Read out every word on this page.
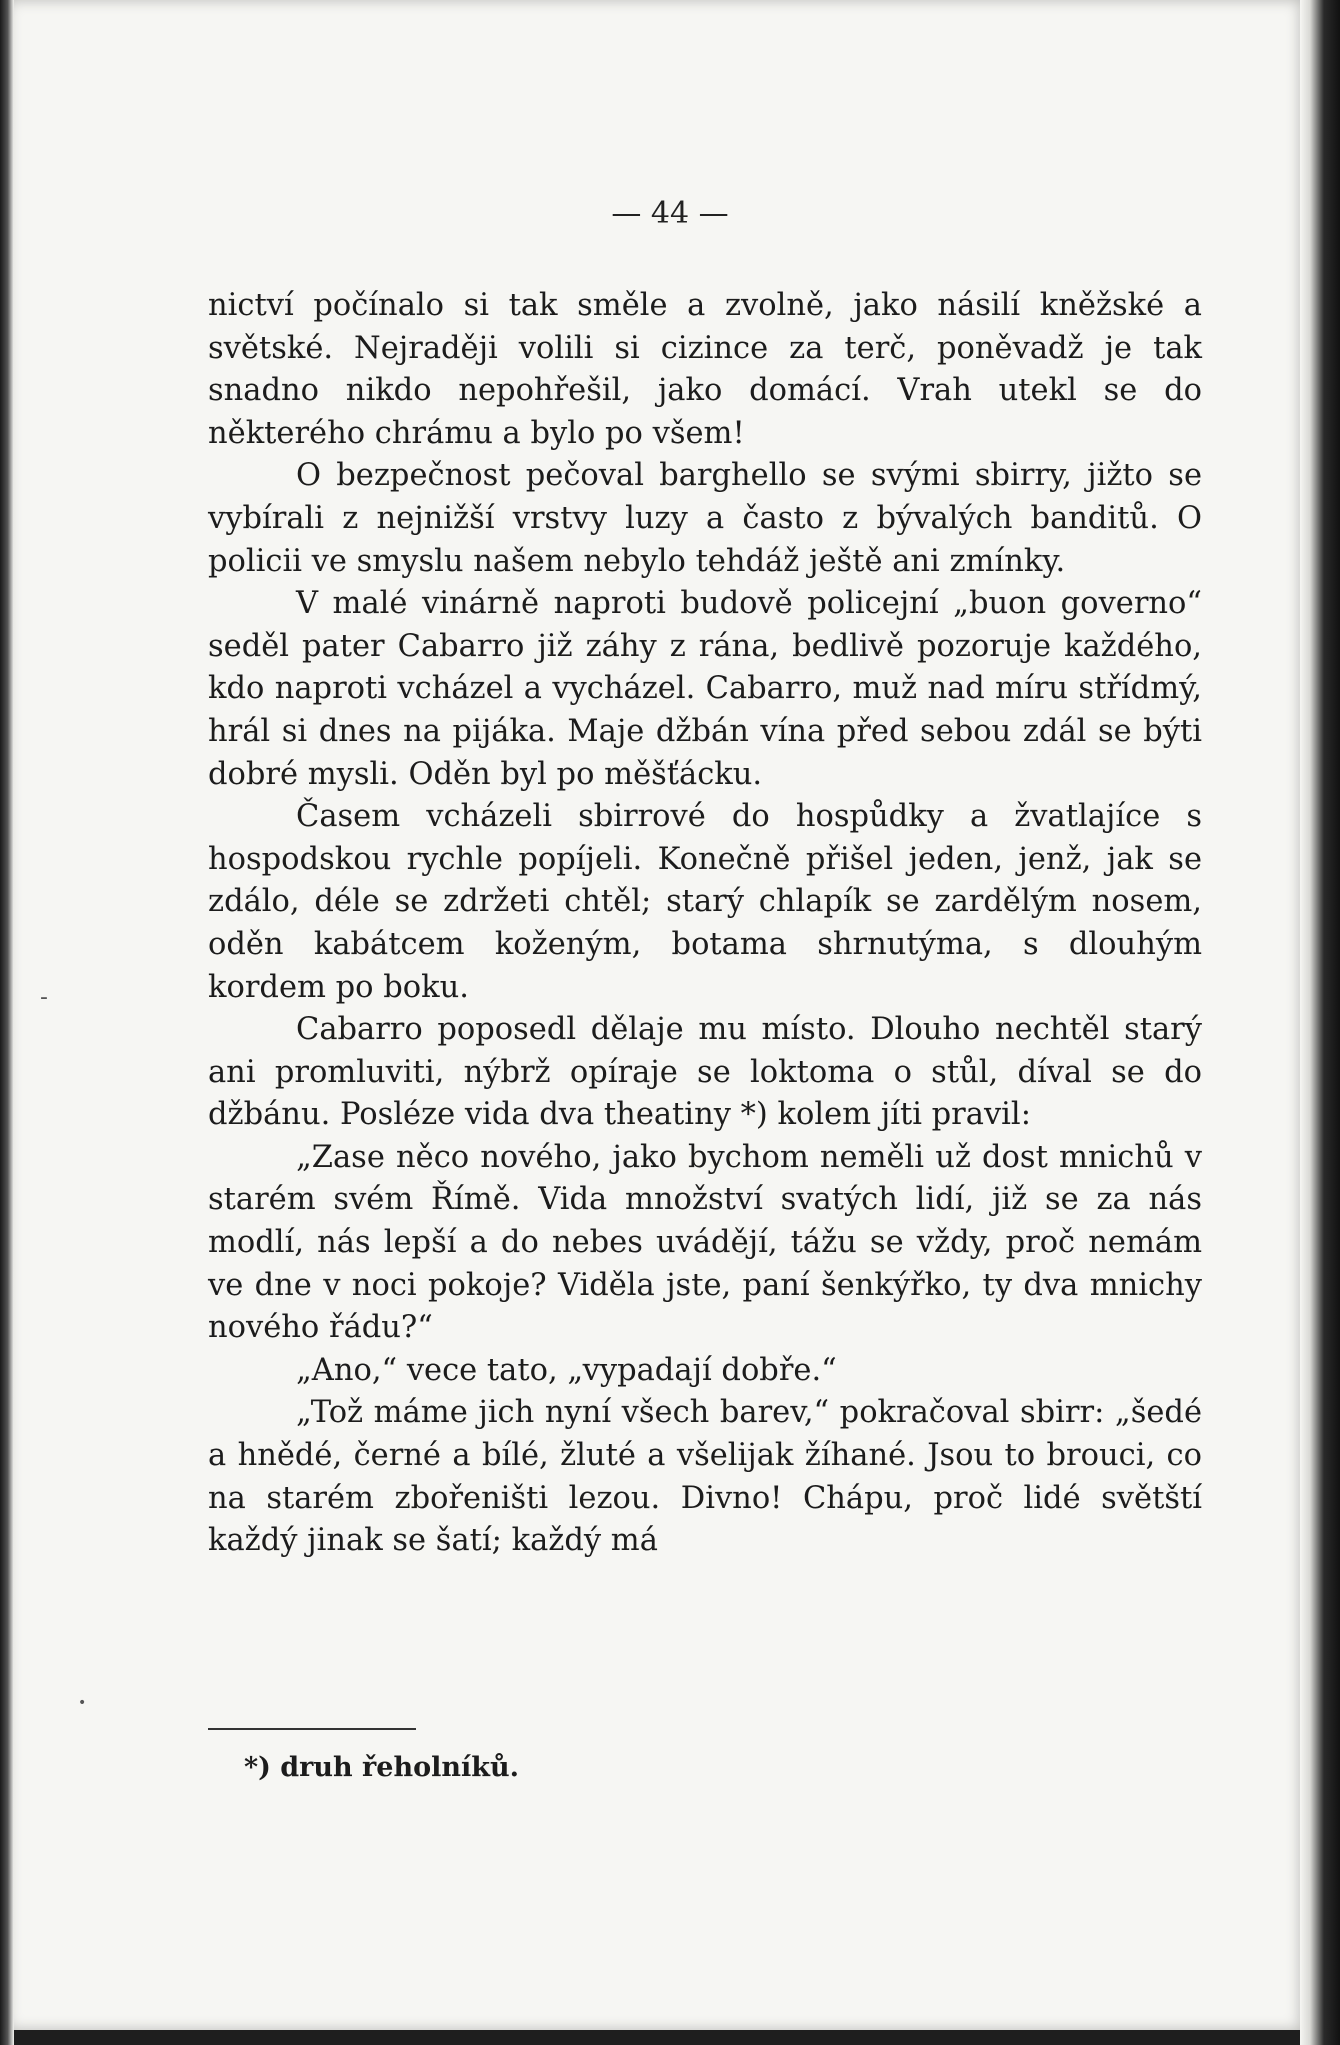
— 44 —

nictví počínalo si tak směle a zvolně, jako násilí kněžské a světské. Nejraději volili si cizince za terč, poněvadž je tak snadno nikdo nepohřešil, jako domácí. Vrah utekl se do některého chrámu a bylo po všem!

O bezpečnost pečoval barghello se svými sbirry, jižto se vybírali z nejnižší vrstvy luzy a často z bývalých banditů. O policii ve smyslu našem nebylo tehdáž ještě ani zmínky.

V malé vinárně naproti budově policejní „buon governo“ seděl pater Cabarro již záhy z rána, bedlivě pozoruje každého, kdo naproti vcházel a vycházel. Cabarro, muž nad míru střídmý, hrál si dnes na pijáka. Maje džbán vína před sebou zdál se býti dobré mysli. Oděn byl po měšťácku.

Časem vcházeli sbirrové do hospůdky a žvatlajíce s hospodskou rychle popíjeli. Konečně přišel jeden, jenž, jak se zdálo, déle se zdržeti chtěl; starý chlapík se zardělým nosem, oděn kabátcem koženým, botama shrnutýma, s dlouhým kordem po boku.

Cabarro poposedl dělaje mu místo. Dlouho nechtěl starý ani promluviti, nýbrž opíraje se loktoma o stůl, díval se do džbánu. Posléze vida dva theatiny *) kolem jíti pravil:

„Zase něco nového, jako bychom neměli už dost mnichů v starém svém Římě. Vida množství svatých lidí, již se za nás modlí, nás lepší a do nebes uvádějí, tážu se vždy, proč nemám ve dne v noci pokoje? Viděla jste, paní šenkýřko, ty dva mnichy nového řádu?“

„Ano,“ vece tato, „vypadají dobře.“

„Tož máme jich nyní všech barev,“ pokračoval sbirr: „šedé a hnědé, černé a bílé, žluté a všelijak žíhané. Jsou to brouci, co na starém zbořeništi lezou. Divno! Chápu, proč lidé světští každý jinak se šatí; každý má

*) druh řeholníků.
-
•
